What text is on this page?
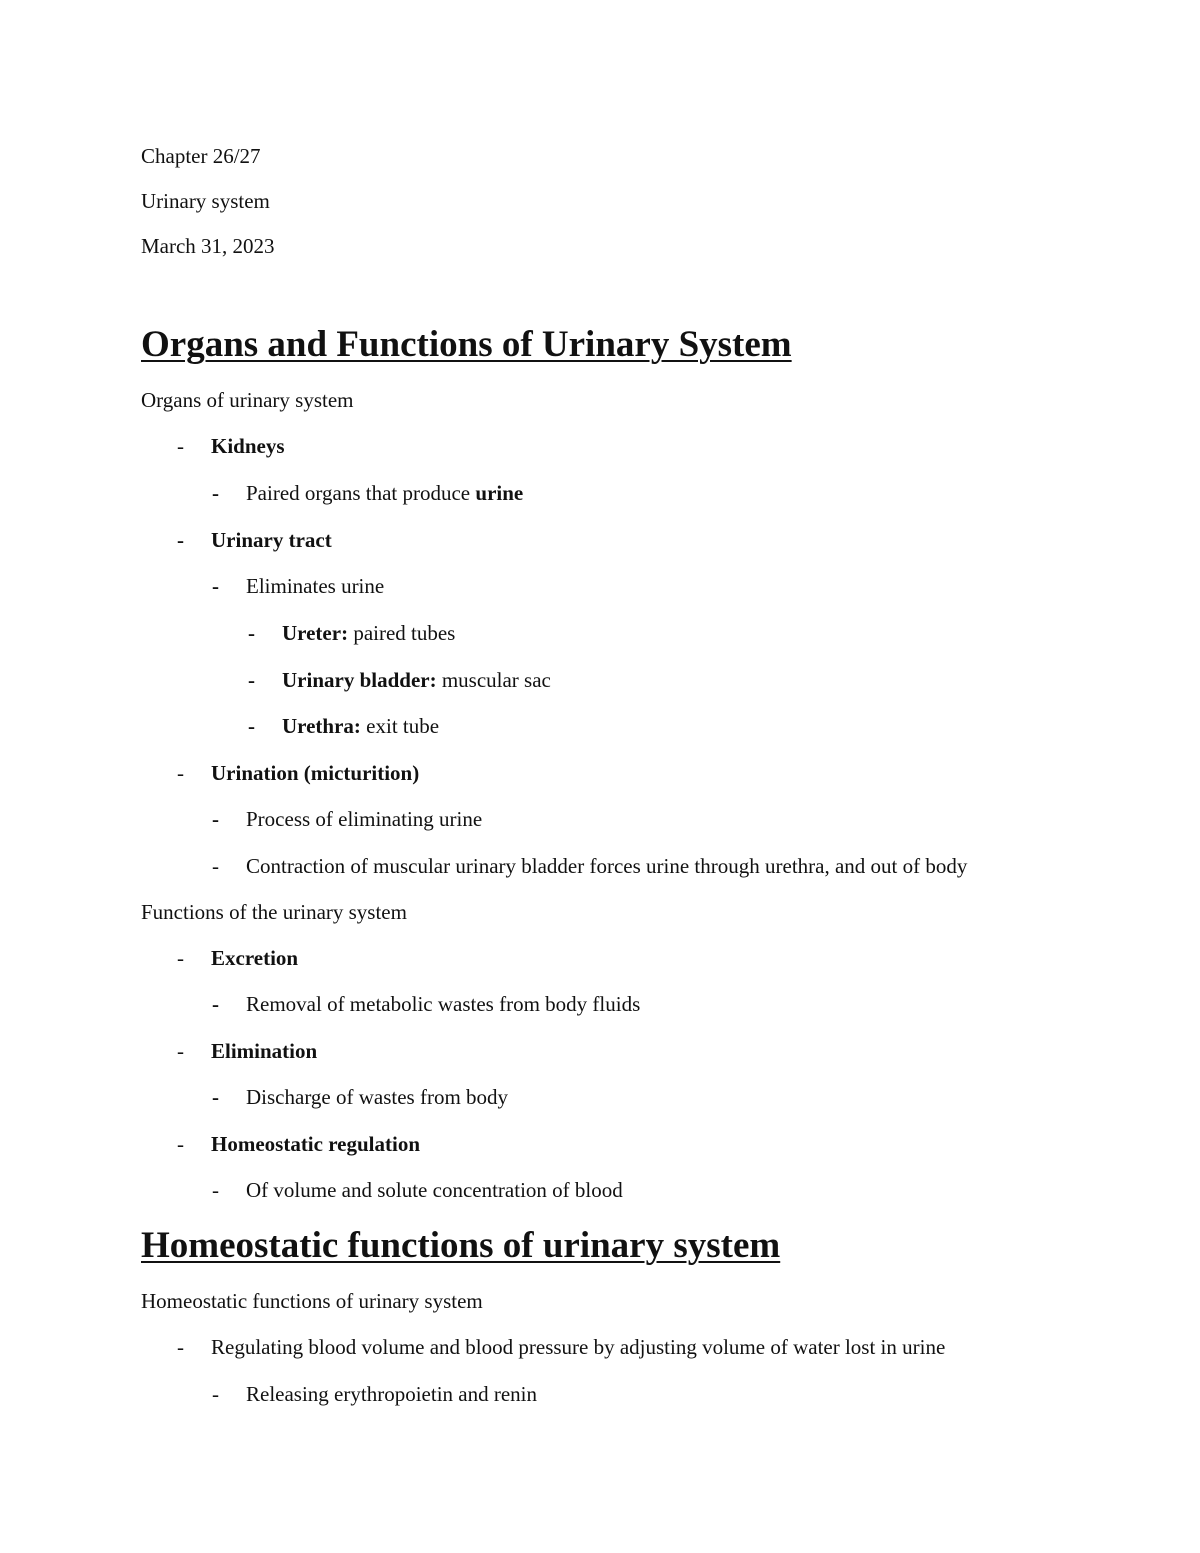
Chapter 26/27
Urinary system
March 31, 2023
Organs and Functions of Urinary System
Organs of urinary system
- Kidneys
- Paired organs that produce urine
- Urinary tract
- Eliminates urine
- Ureter: paired tubes
- Urinary bladder: muscular sac
- Urethra: exit tube
- Urination (micturition)
- Process of eliminating urine
- Contraction of muscular urinary bladder forces urine through urethra, and out of body
Functions of the urinary system
- Excretion
- Removal of metabolic wastes from body fluids
- Elimination
- Discharge of wastes from body
- Homeostatic regulation
- Of volume and solute concentration of blood
Homeostatic functions of urinary system
Homeostatic functions of urinary system
- Regulating blood volume and blood pressure by adjusting volume of water lost in urine
- Releasing erythropoietin and renin
